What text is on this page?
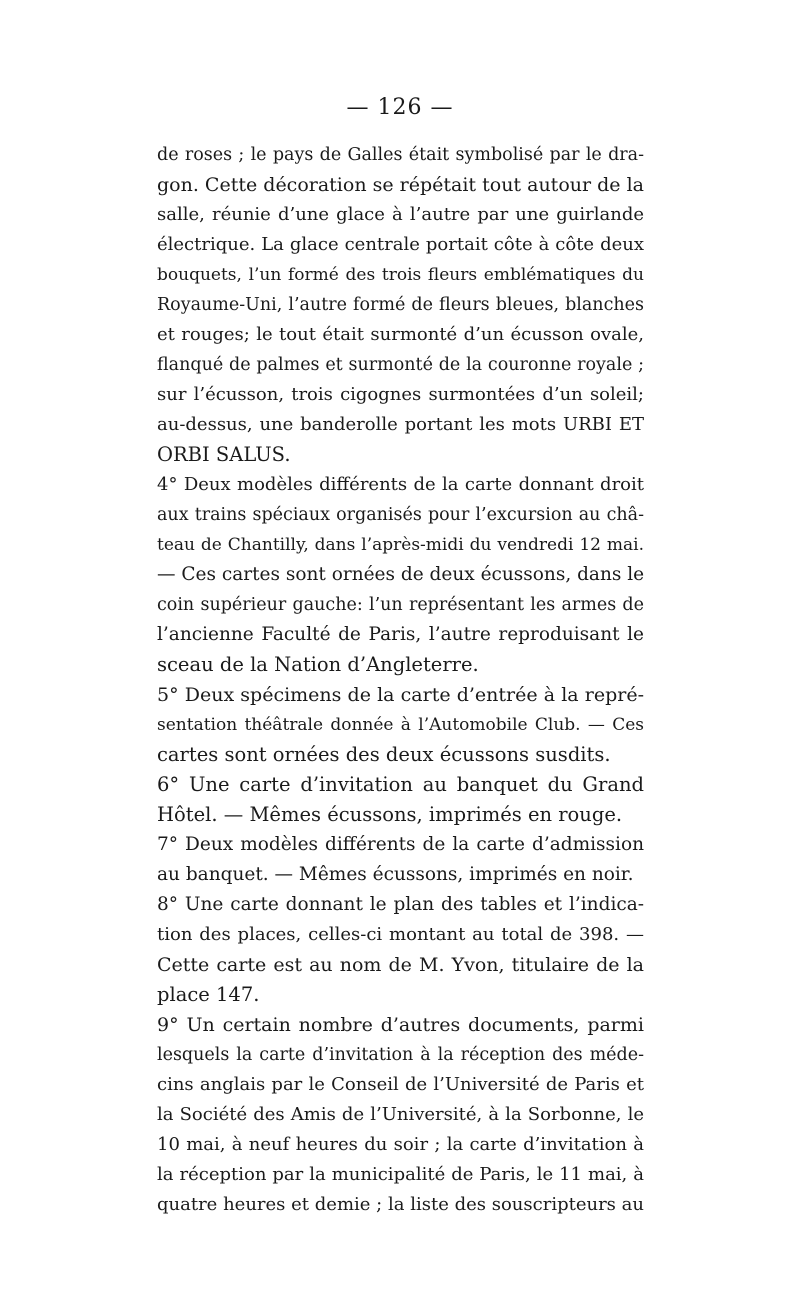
— 126 —
de roses ; le pays de Galles était symbolisé par le dra-
gon. Cette décoration se répétait tout autour de la
salle, réunie d’une glace à l’autre par une guirlande
électrique. La glace centrale portait côte à côte deux
bouquets, l’un formé des trois fleurs emblématiques du
Royaume-Uni, l’autre formé de fleurs bleues, blanches
et rouges; le tout était surmonté d’un écusson ovale,
flanqué de palmes et surmonté de la couronne royale ;
sur l’écusson, trois cigognes surmontées d’un soleil;
au-dessus, une banderolle portant les mots URBI ET
ORBI SALUS.
4° Deux modèles différents de la carte donnant droit
aux trains spéciaux organisés pour l’excursion au châ-
teau de Chantilly, dans l’après-midi du vendredi 12 mai.
— Ces cartes sont ornées de deux écussons, dans le
coin supérieur gauche: l’un représentant les armes de
l’ancienne Faculté de Paris, l’autre reproduisant le
sceau de la Nation d’Angleterre.
5° Deux spécimens de la carte d’entrée à la repré-
sentation théâtrale donnée à l’Automobile Club. — Ces
cartes sont ornées des deux écussons susdits.
6° Une carte d’invitation au banquet du Grand
Hôtel. — Mêmes écussons, imprimés en rouge.
7° Deux modèles différents de la carte d’admission
au banquet. — Mêmes écussons, imprimés en noir.
8° Une carte donnant le plan des tables et l’indica-
tion des places, celles-ci montant au total de 398. —
Cette carte est au nom de M. Yvon, titulaire de la
place 147.
9° Un certain nombre d’autres documents, parmi
lesquels la carte d’invitation à la réception des méde-
cins anglais par le Conseil de l’Université de Paris et
la Société des Amis de l’Université, à la Sorbonne, le
10 mai, à neuf heures du soir ; la carte d’invitation à
la réception par la municipalité de Paris, le 11 mai, à
quatre heures et demie ; la liste des souscripteurs au
